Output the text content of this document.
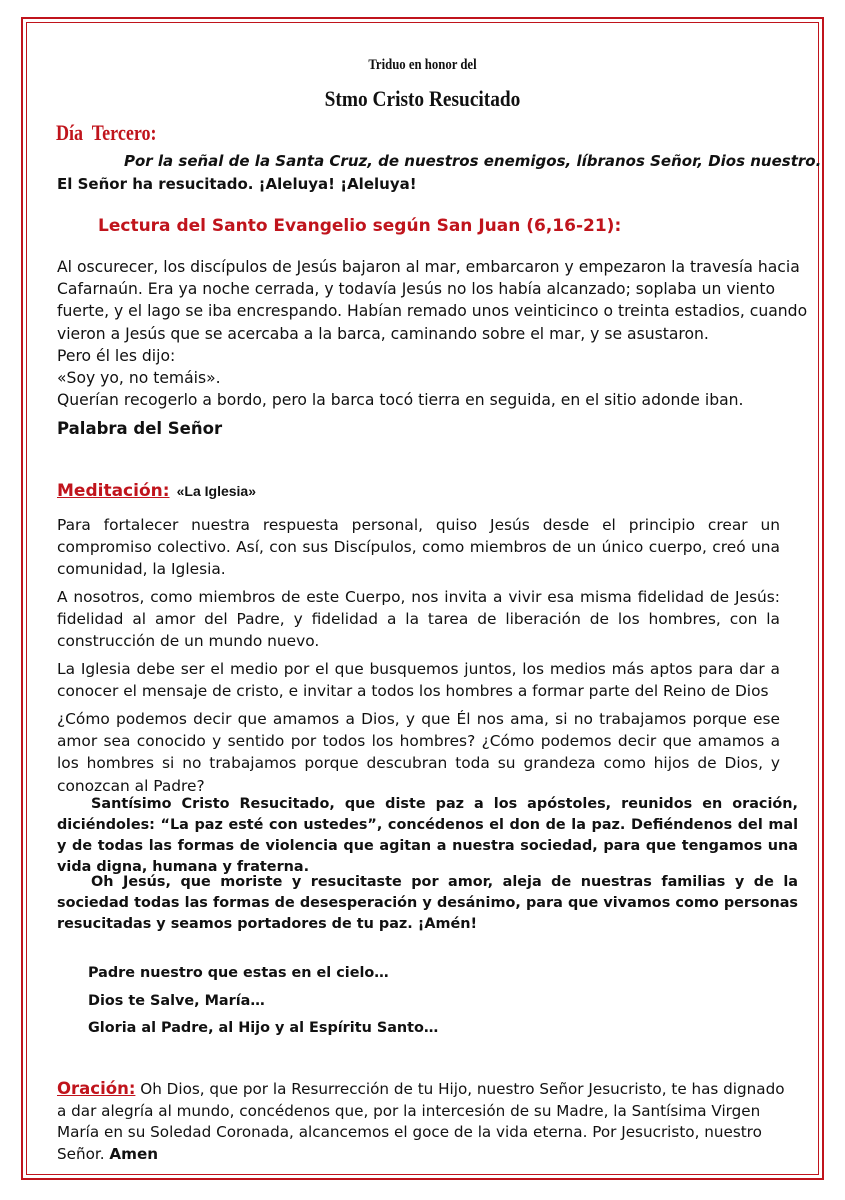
Triduo en honor del
Stmo Cristo Resucitado
Día  Tercero:
Por la señal de la Santa Cruz, de nuestros enemigos, líbranos Señor, Dios nuestro.
El Señor ha resucitado. ¡Aleluya! ¡Aleluya!
Lectura del Santo Evangelio según San Juan (6,16-21):
Al oscurecer, los discípulos de Jesús bajaron al mar, embarcaron y empezaron la travesía hacia
Cafarnaún. Era ya noche cerrada, y todavía Jesús no los había alcanzado; soplaba un viento
fuerte, y el lago se iba encrespando. Habían remado unos veinticinco o treinta estadios, cuando
vieron a Jesús que se acercaba a la barca, caminando sobre el mar, y se asustaron.
Pero él les dijo:
«Soy yo, no temáis».
Querían recogerlo a bordo, pero la barca tocó tierra en seguida, en el sitio adonde iban.
Palabra del Señor
Meditación: «La Iglesia»
Para fortalecer nuestra respuesta personal, quiso Jesús desde el principio crear un compromiso colectivo. Así, con sus Discípulos, como miembros de un único cuerpo, creó una comunidad, la Iglesia.
A nosotros, como miembros de este Cuerpo, nos invita a vivir esa misma fidelidad de Jesús: fidelidad al amor del Padre, y fidelidad a la tarea de liberación de los hombres, con la construcción de un mundo nuevo.
La Iglesia debe ser el medio por el que busquemos juntos, los medios más aptos para dar a conocer el mensaje de cristo, e invitar a todos los hombres a formar parte del Reino de Dios
¿Cómo podemos decir que amamos a Dios, y que Él nos ama, si no trabajamos porque ese amor sea conocido y sentido por todos los hombres? ¿Cómo podemos decir que amamos a los hombres si no trabajamos porque descubran toda su grandeza como hijos de Dios, y conozcan al Padre?
Santísimo Cristo Resucitado, que diste paz a los apóstoles, reunidos en oración, diciéndoles: “La paz esté con ustedes”, concédenos el don de la paz. Defiéndenos del mal y de todas las formas de violencia que agitan a nuestra sociedad, para que tengamos una vida digna, humana y fraterna.
Oh Jesús, que moriste y resucitaste por amor, aleja de nuestras familias y de la sociedad todas las formas de desesperación y desánimo, para que vivamos como personas resucitadas y seamos portadores de tu paz. ¡Amén!
Padre nuestro que estas en el cielo…
Dios te Salve, María…
Gloria al Padre, al Hijo y al Espíritu Santo…
Oración: Oh Dios, que por la Resurrección de tu Hijo, nuestro Señor Jesucristo, te has dignado a dar alegría al mundo, concédenos que, por la intercesión de su Madre, la Santísima Virgen María en su Soledad Coronada, alcancemos el goce de la vida eterna. Por Jesucristo, nuestro Señor. Amen
